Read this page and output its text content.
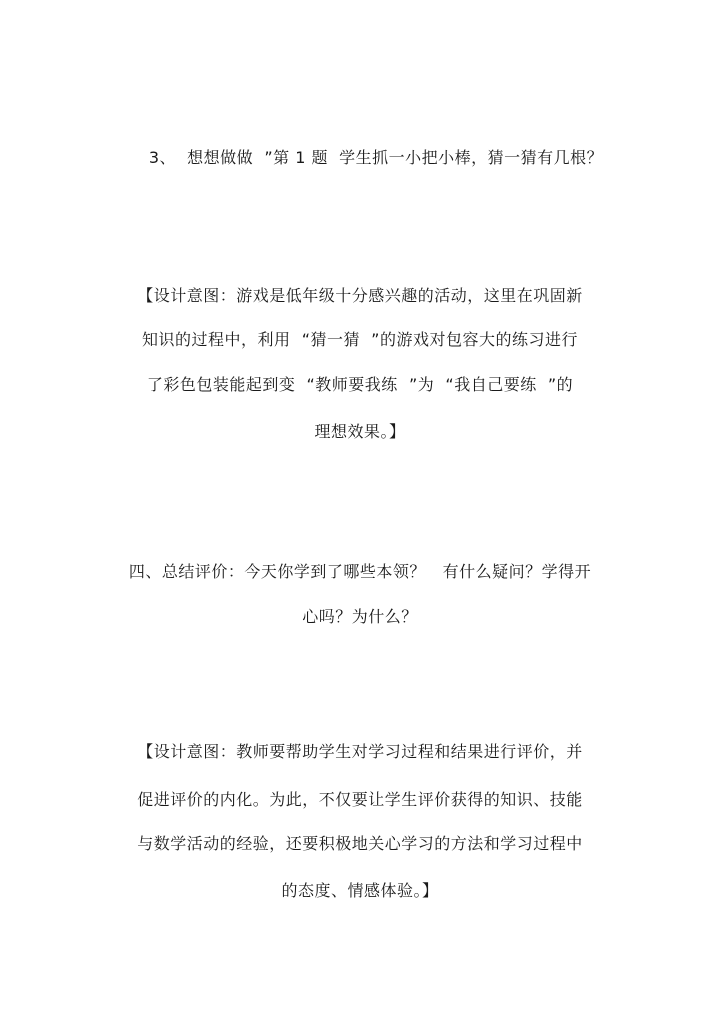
3、  想想做做  ”第 1 题  学生抓一小把小棒，猜一猜有几根？
【设计意图：游戏是低年级十分感兴趣的活动，这里在巩固新
知识的过程中，利用  “猜一猜  ”的游戏对包容大的练习进行
了彩色包装能起到变  “教师要我练  ”为  “我自己要练  ”的
理想效果。】
四、总结评价：今天你学到了哪些本领？   有什么疑问？学得开
心吗？为什么？
【设计意图：教师要帮助学生对学习过程和结果进行评价，并
促进评价的内化。为此，不仅要让学生评价获得的知识、技能
与数学活动的经验，还要积极地关心学习的方法和学习过程中
的态度、情感体验。】
